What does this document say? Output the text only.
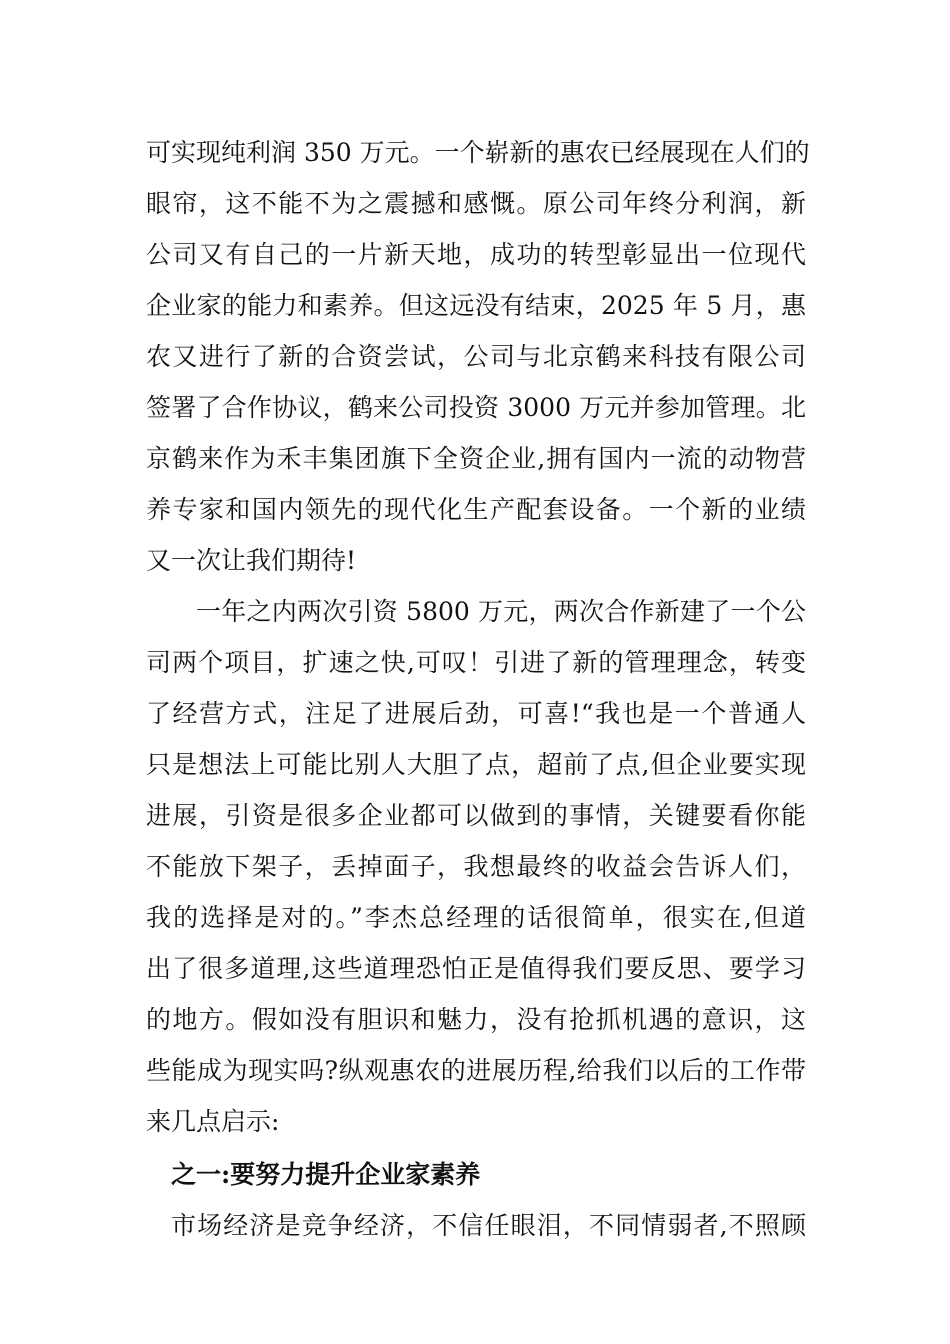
可实现纯利润 350 万元。一个崭新的惠农已经展现在人们的
眼帘，这不能不为之震撼和感慨。原公司年终分利润，新
公司又有自己的一片新天地，成功的转型彰显出一位现代
企业家的能力和素养。但这远没有结束，2025 年 5 月，惠
农又进行了新的合资尝试，公司与北京鹤来科技有限公司
签署了合作协议，鹤来公司投资 3000 万元并参加管理。北
京鹤来作为禾丰集团旗下全资企业,拥有国内一流的动物营
养专家和国内领先的现代化生产配套设备。一个新的业绩
又一次让我们期待!
一年之内两次引资 5800 万元，两次合作新建了一个公
司两个项目，扩速之快,可叹！引进了新的管理理念，转变
了经营方式，注足了进展后劲，可喜!“我也是一个普通人
只是想法上可能比别人大胆了点，超前了点,但企业要实现
进展，引资是很多企业都可以做到的事情，关键要看你能
不能放下架子，丢掉面子，我想最终的收益会告诉人们，
我的选择是对的。”李杰总经理的话很简单，很实在,但道
出了很多道理,这些道理恐怕正是值得我们要反思、要学习
的地方。假如没有胆识和魅力，没有抢抓机遇的意识，这
些能成为现实吗?纵观惠农的进展历程,给我们以后的工作带
来几点启示:
之一:要努力提升企业家素养
市场经济是竞争经济，不信任眼泪，不同情弱者,不照顾
